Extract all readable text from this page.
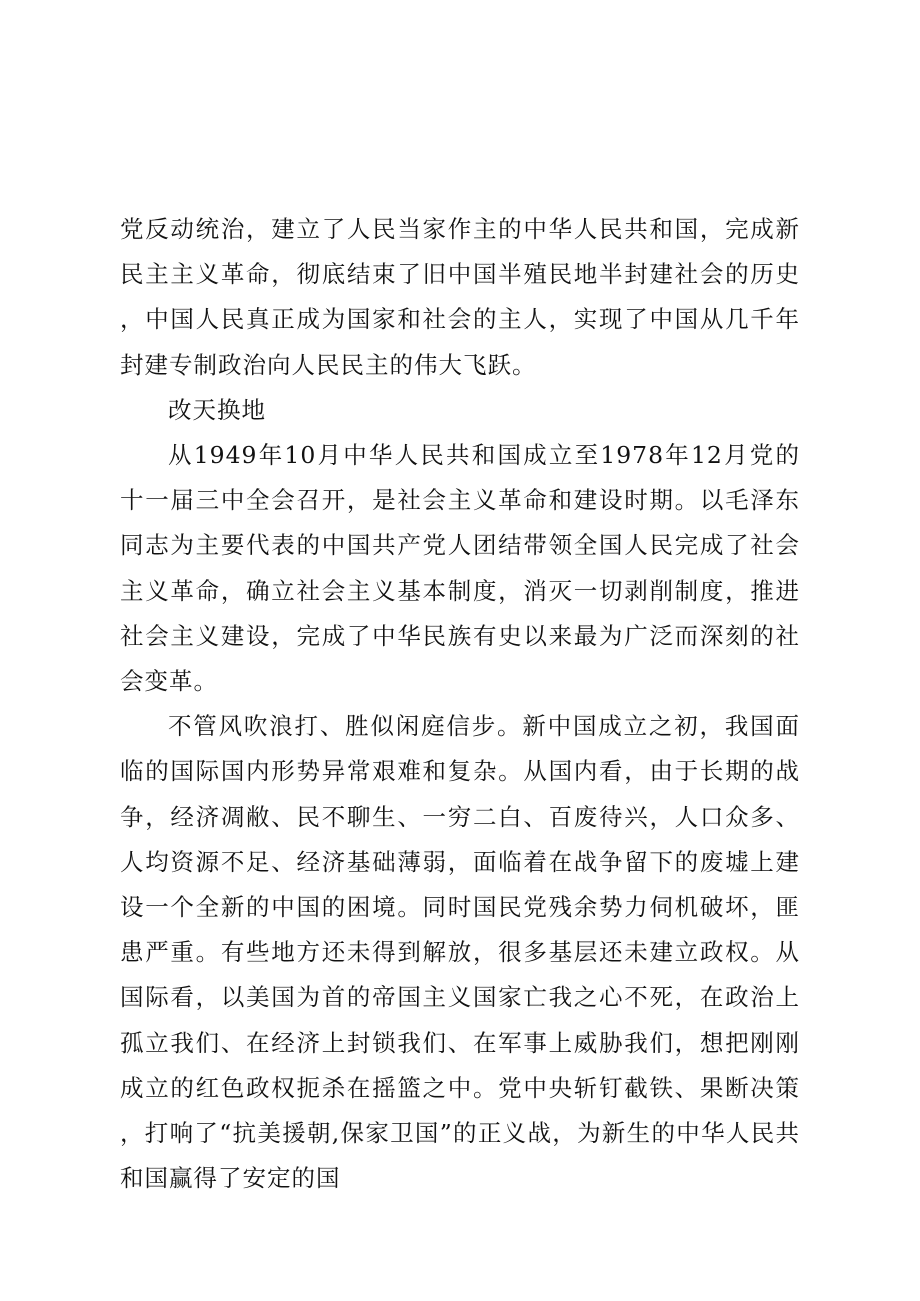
党反动统治，建立了人民当家作主的中华人民共和国，完成新民主主义革命，彻底结束了旧中国半殖民地半封建社会的历史，中国人民真正成为国家和社会的主人，实现了中国从几千年封建专制政治向人民民主的伟大飞跃。

改天换地

从1949年10月中华人民共和国成立至1978年12月党的十一届三中全会召开，是社会主义革命和建设时期。以毛泽东同志为主要代表的中国共产党人团结带领全国人民完成了社会主义革命，确立社会主义基本制度，消灭一切剥削制度，推进社会主义建设，完成了中华民族有史以来最为广泛而深刻的社会变革。

不管风吹浪打、胜似闲庭信步。新中国成立之初，我国面临的国际国内形势异常艰难和复杂。从国内看，由于长期的战争，经济凋敝、民不聊生、一穷二白、百废待兴，人口众多、人均资源不足、经济基础薄弱，面临着在战争留下的废墟上建设一个全新的中国的困境。同时国民党残余势力伺机破坏，匪患严重。有些地方还未得到解放，很多基层还未建立政权。从国际看，以美国为首的帝国主义国家亡我之心不死，在政治上孤立我们、在经济上封锁我们、在军事上威胁我们，想把刚刚成立的红色政权扼杀在摇篮之中。党中央斩钉截铁、果断决策，打响了“抗美援朝,保家卫国”的正义战，为新生的中华人民共和国赢得了安定的国
